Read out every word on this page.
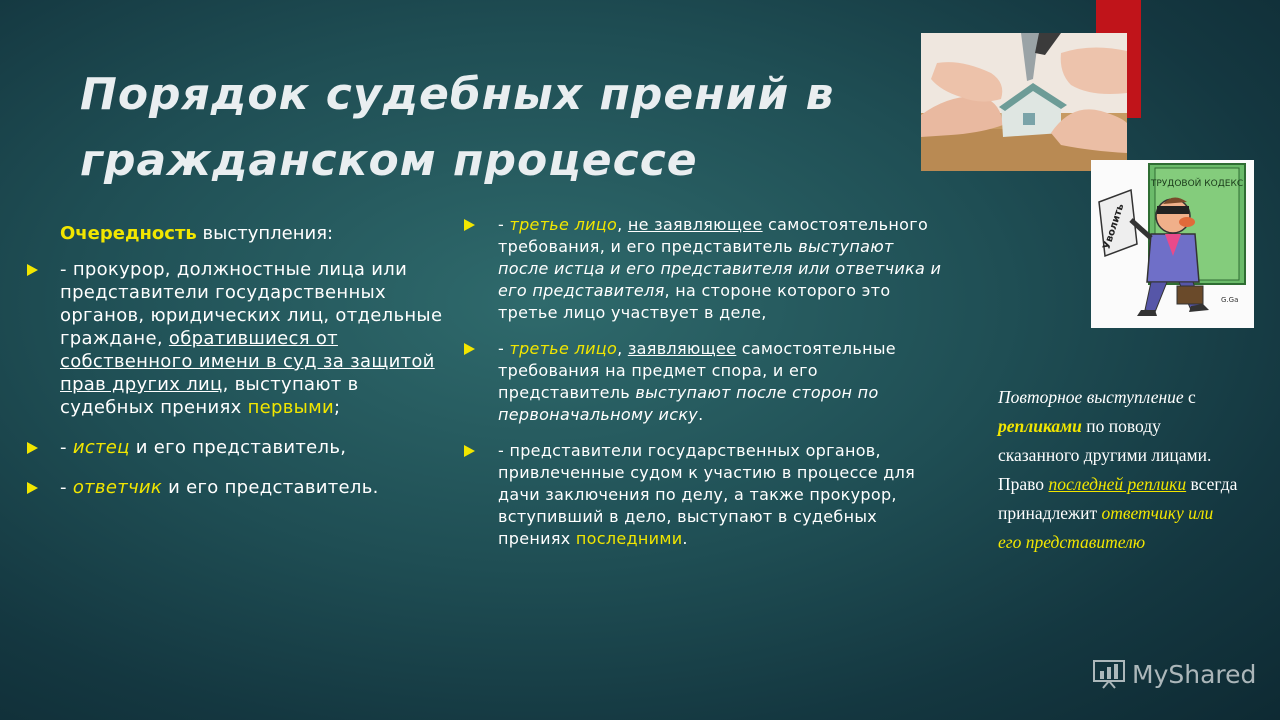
ТРУДОВОЙ КОДЕКС
Уволить
G.Ga
Порядок судебных прений в
гражданском процессе

Очередность выступления:

- прокурор, должностные лица или представители государственных органов, юридических лиц, отдельные граждане, обратившиеся от собственного имени в суд за защитой прав других лиц, выступают в судебных прениях первыми;
- истец и его представитель,
- ответчик и его представитель.
- третье лицо, не заявляющее самостоятельного требования, и его представитель выступают после истца и его представителя или ответчика и его представителя, на стороне которого это третье лицо участвует в деле,
- третье лицо, заявляющее самостоятельные требования на предмет спора, и его представитель выступают после сторон по первоначальному иску.
- представители государственных органов, привлеченные судом к участию в процессе для дачи заключения по делу, а также прокурор, вступивший в дело, выступают в судебных прениях последними.
Повторное выступление с репликами по поводу сказанного другими лицами.
Право последней реплики всегда принадлежит ответчику или его представителю
MyShared
